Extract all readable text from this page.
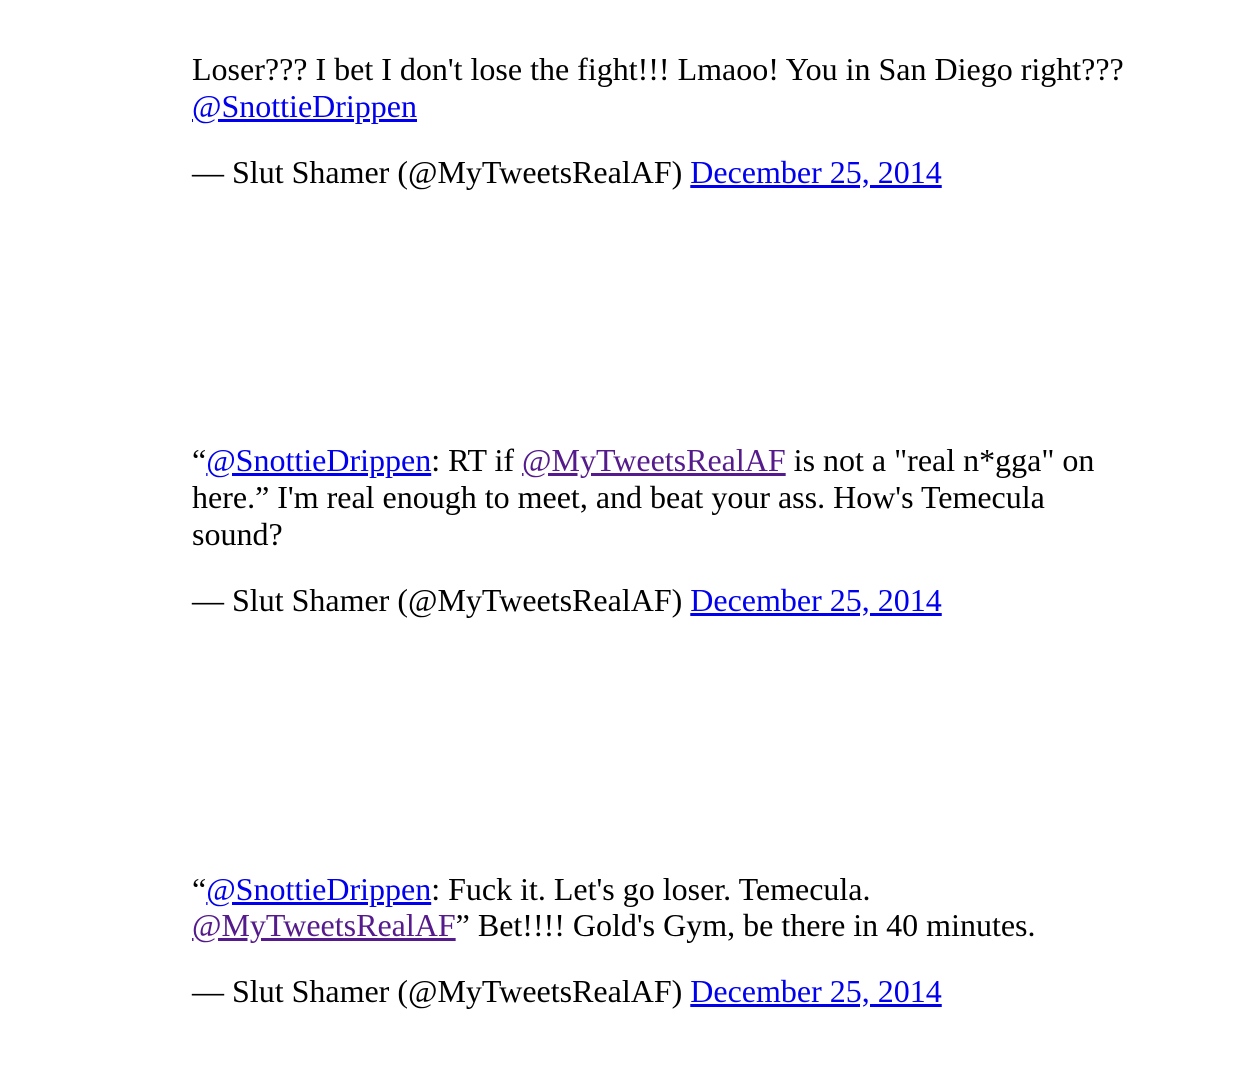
Loser??? I bet I don't lose the fight!!! Lmaoo! You in San Diego right??? @SnottieDrippen

— Slut Shamer (@MyTweetsRealAF) December 25, 2014

“@SnottieDrippen: RT if @MyTweetsRealAF is not a "real n*gga" on here.” I'm real enough to meet, and beat your ass. How's Temecula sound?

— Slut Shamer (@MyTweetsRealAF) December 25, 2014

“@SnottieDrippen: Fuck it. Let's go loser. Temecula. @MyTweetsRealAF” Bet!!!! Gold's Gym, be there in 40 minutes.

— Slut Shamer (@MyTweetsRealAF) December 25, 2014
